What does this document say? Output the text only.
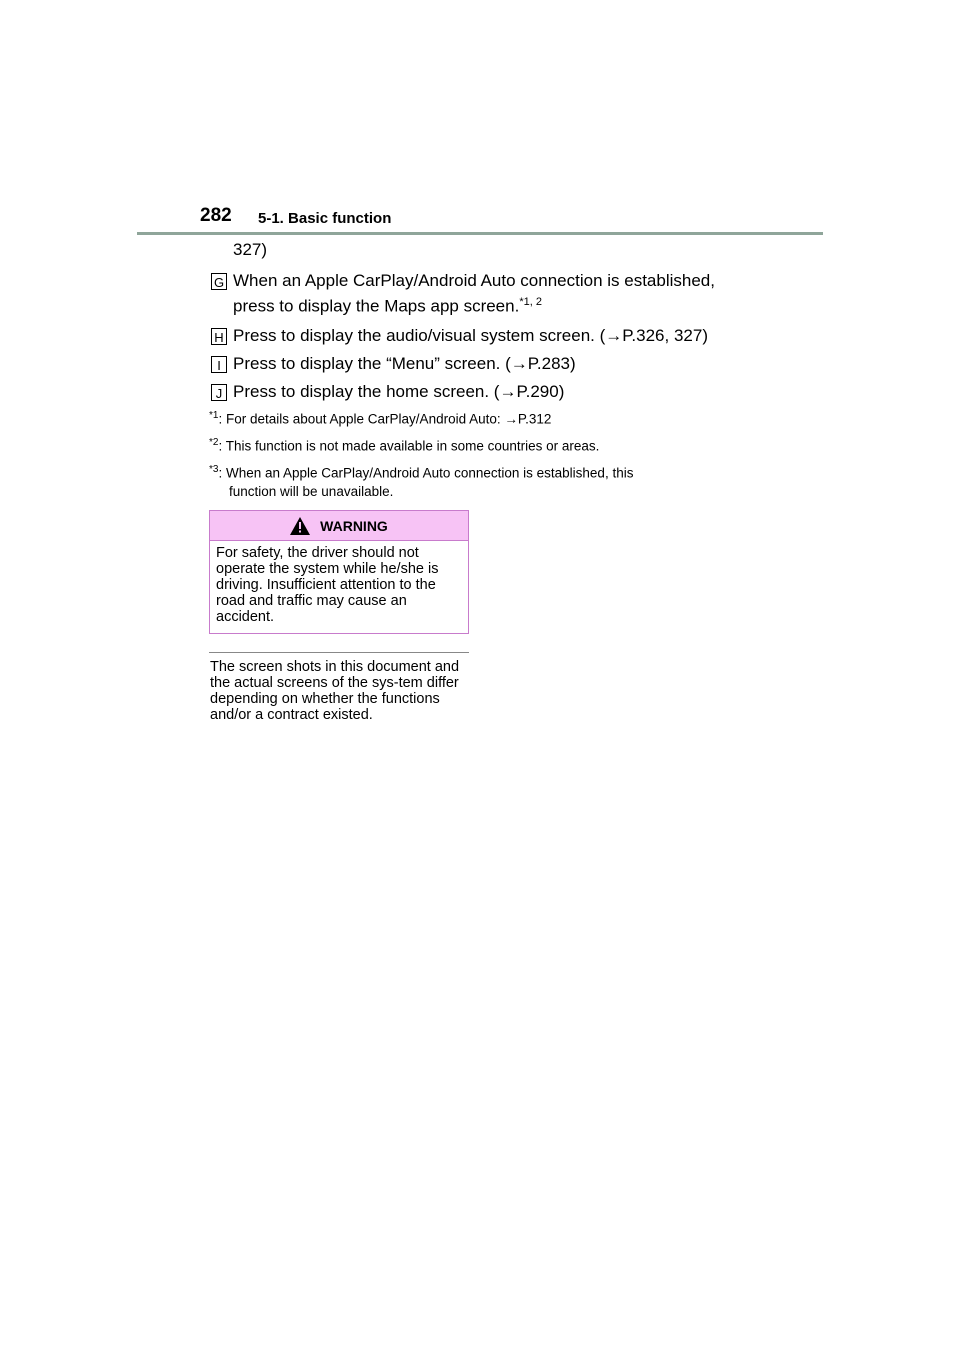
282 5-1. Basic function
327)
G When an Apple CarPlay/Android Auto connection is established,
press to display the Maps app screen.$^{*1, 2}$
H Press to display the audio/visual system screen. (→P.326, 327)
I Press to display the “Menu” screen. (→P.283)
J Press to display the home screen. (→P.290)
$^{*1}$: For details about Apple CarPlay/Android Auto: →P.312
$^{*2}$: This function is not made available in some countries or areas.
$^{*3}$: When an Apple CarPlay/Android Auto connection is established, this
function will be unavailable.
WARNING
For safety, the driver should not operate the system while he/she is driving. Insufficient attention to the road and traffic may cause an accident.
The screen shots in this document and the actual screens of the sys-tem differ depending on whether the functions and/or a contract existed.
